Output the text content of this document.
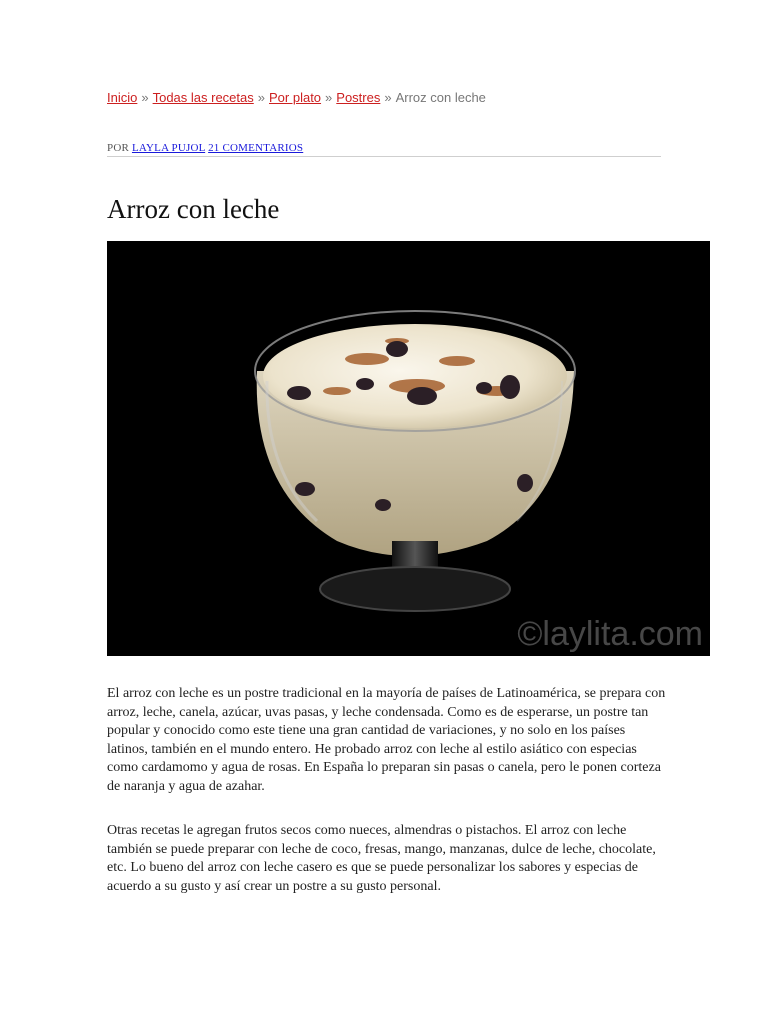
Inicio » Todas las recetas » Por plato » Postres » Arroz con leche
POR LAYLA PUJOL 21 COMENTARIOS
Arroz con leche
©laylita.com

El arroz con leche es un postre tradicional en la mayoría de países de Latinoamérica, se prepara con arroz, leche, canela, azúcar, uvas pasas, y leche condensada. Como es de esperarse, un postre tan popular y conocido como este tiene una gran cantidad de variaciones, y no solo en los países latinos, también en el mundo entero. He probado arroz con leche al estilo asiático con especias como cardamomo y agua de rosas. En España lo preparan sin pasas o canela, pero le ponen corteza de naranja y agua de azahar.

Otras recetas le agregan frutos secos como nueces, almendras o pistachos. El arroz con leche también se puede preparar con leche de coco, fresas, mango, manzanas, dulce de leche, chocolate, etc. Lo bueno del arroz con leche casero es que se puede personalizar los sabores y especias de acuerdo a su gusto y así crear un postre a su gusto personal.
